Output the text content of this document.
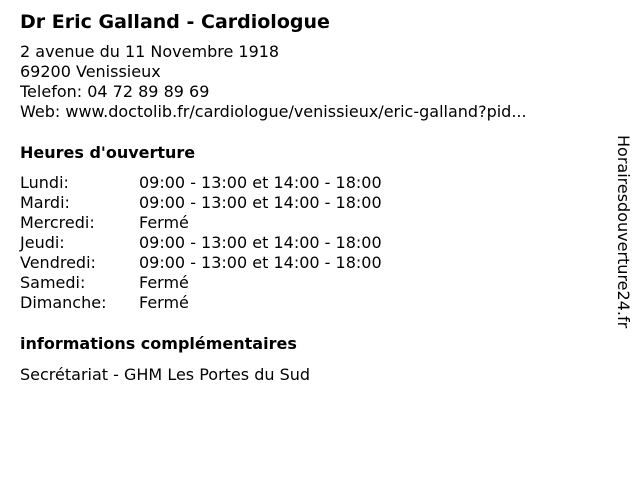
Dr Eric Galland - Cardiologue
2 avenue du 11 Novembre 1918
69200 Venissieux
Telefon: 04 72 89 89 69
Web: www.doctolib.fr/cardiologue/venissieux/eric-galland?pid...
Heures d'ouverture
Lundi:	09:00 - 13:00 et 14:00 - 18:00
Mardi:	09:00 - 13:00 et 14:00 - 18:00
Mercredi:	Fermé
Jeudi:	09:00 - 13:00 et 14:00 - 18:00
Vendredi:	09:00 - 13:00 et 14:00 - 18:00
Samedi:	Fermé
Dimanche:	Fermé
informations complémentaires
Secrétariat - GHM Les Portes du Sud
Horairesdouverture24.fr
